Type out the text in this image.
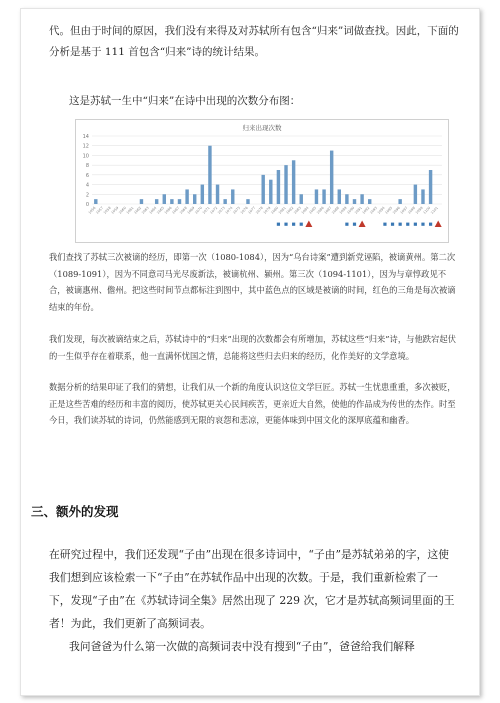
代。但由于时间的原因，我们没有来得及对苏轼所有包含“归来”词做查找。因此，下面的分析是基于 111 首包含“归来”诗的统计结果。

这是苏轼一生中“归来”在诗中出现的次数分布图：

归来出现次数
0
2
4
6
8
10
12
14
1056
1057
1058
1059
1060
1061
1062
1063
1064
1065
1066
1067
1068
1069
1070
1071
1072
1073
1074
1075
1076
1077
1078
1079
1080
1081
1082
1083
1084
1085
1086
1087
1088
1089
1090
1091
1092
1093
1094
1095
1096
1097
1098
1099
1100
1101

我们查找了苏轼三次被谪的经历，即第一次（1080-1084），因为“乌台诗案”遭到新党诬陷，被谪黄州。第二次（1089-1091），因为不同意司马光尽废新法，被谪杭州、颍州。第三次（1094-1101），因为与章惇政见不合，被谪惠州、儋州。把这些时间节点都标注到图中，其中蓝色点的区域是被谪的时间，红色的三角是每次被谪结束的年份。

我们发现，每次被谪结束之后，苏轼诗中的“归来”出现的次数都会有所增加，苏轼这些“归来”诗，与他跌宕起伏的一生似乎存在着联系，他一直满怀忧国之情，总能将这些归去归来的经历，化作美好的文学意境。

数据分析的结果印证了我们的猜想，让我们从一个新的角度认识这位文学巨匠。苏轼一生忧患重重，多次被贬，正是这些苦难的经历和丰富的阅历，使苏轼更关心民间疾苦，更亲近大自然，使他的作品成为传世的杰作。时至今日，我们读苏轼的诗词，仍然能感到无限的哀怨和悲凉，更能体味到中国文化的深厚底蕴和幽香。

三、额外的发现

在研究过程中，我们还发现“子由”出现在很多诗词中，“子由”是苏轼弟弟的字，这使我们想到应该检索一下“子由”在苏轼作品中出现的次数。于是，我们重新检索了一下，发现“子由”在《苏轼诗词全集》居然出现了 229 次，它才是苏轼高频词里面的王者！为此，我们更新了高频词表。

我问爸爸为什么第一次做的高频词表中没有搜到“子由”，爸爸给我们解释
